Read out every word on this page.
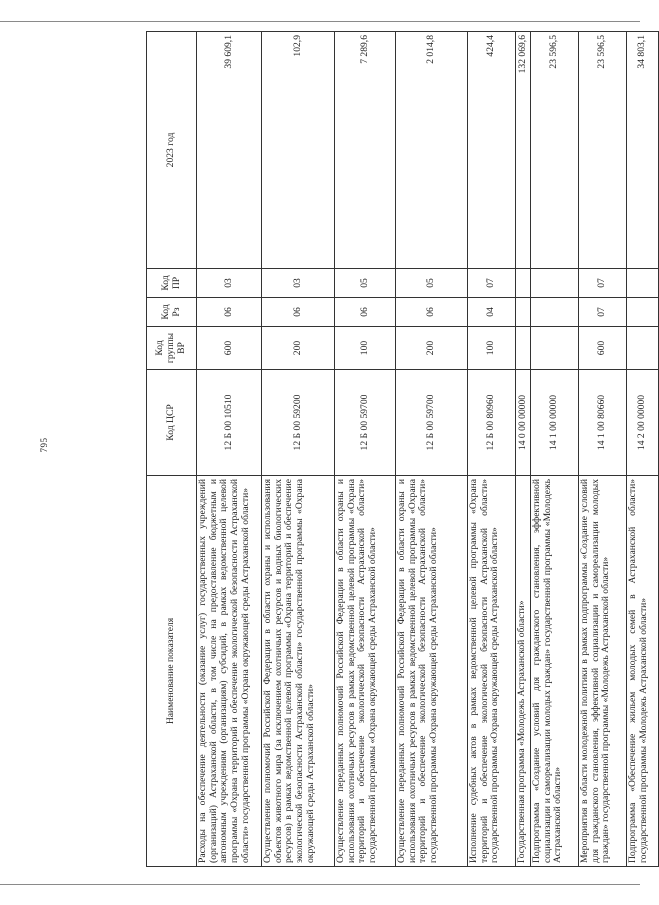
795
Наименование показателя	Код ЦСР	Код группы ВР	Код Рз	Код ПР	2023 год
Расходы на обеспечение деятельности (оказание услуг) государственных учреждений (организаций) Астраханской области, в том числе на предоставление бюджетным и автономным учреждениям (организациям) субсидий, в рамках ведомственной целевой программы «Охрана территорий и обеспечение экологической безопасности Астраханской области» государственной программы «Охрана окружающей среды Астраханской области»	12 Б 00 10510	600	06	03	39 609,1
Осуществление полномочий Российской Федерации в области охраны и использования объектов животного мира (за исключением охотничьих ресурсов и водных биологических ресурсов) в рамках ведомственной целевой программы «Охрана территорий и обеспечение экологической безопасности Астраханской области» государственной программы «Охрана окружающей среды Астраханской области»	12 Б 00 59200	200	06	03	102,9
Осуществление переданных полномочий Российской Федерации в области охраны и использования охотничьих ресурсов в рамках ведомственной целевой программы «Охрана территорий и обеспечение экологической безопасности Астраханской области» государственной программы «Охрана окружающей среды Астраханской области»	12 Б 00 59700	100	06	05	7 289,6
Осуществление переданных полномочий Российской Федерации в области охраны и использования охотничьих ресурсов в рамках ведомственной целевой программы «Охрана территорий и обеспечение экологической безопасности Астраханской области» государственной программы «Охрана окружающей среды Астраханской области»	12 Б 00 59700	200	06	05	2 014,8
Исполнение судебных актов в рамках ведомственной целевой программы «Охрана территорий и обеспечение экологической безопасности Астраханской области» государственной программы «Охрана окружающей среды Астраханской области»	12 Б 00 80960	100	04	07	424,4
Государственная программа «Молодежь Астраханской области»	14 0 00 00000				132 069,6
Подпрограмма «Создание условий для гражданского становления, эффективной социализации и самореализации молодых граждан» государственной программы «Молодежь Астраханской области»	14 1 00 00000				23 596,5
Мероприятия в области молодежной политики в рамках подпрограммы «Создание условий для гражданского становления, эффективной социализации и самореализации молодых граждан» государственной программы «Молодежь Астраханской области»	14 1 00 80660	600	07	07	23 596,5
Подпрограмма «Обеспечение жильем молодых семей в Астраханской области» государственной программы «Молодежь Астраханской области»	14 2 00 00000				34 803,1
